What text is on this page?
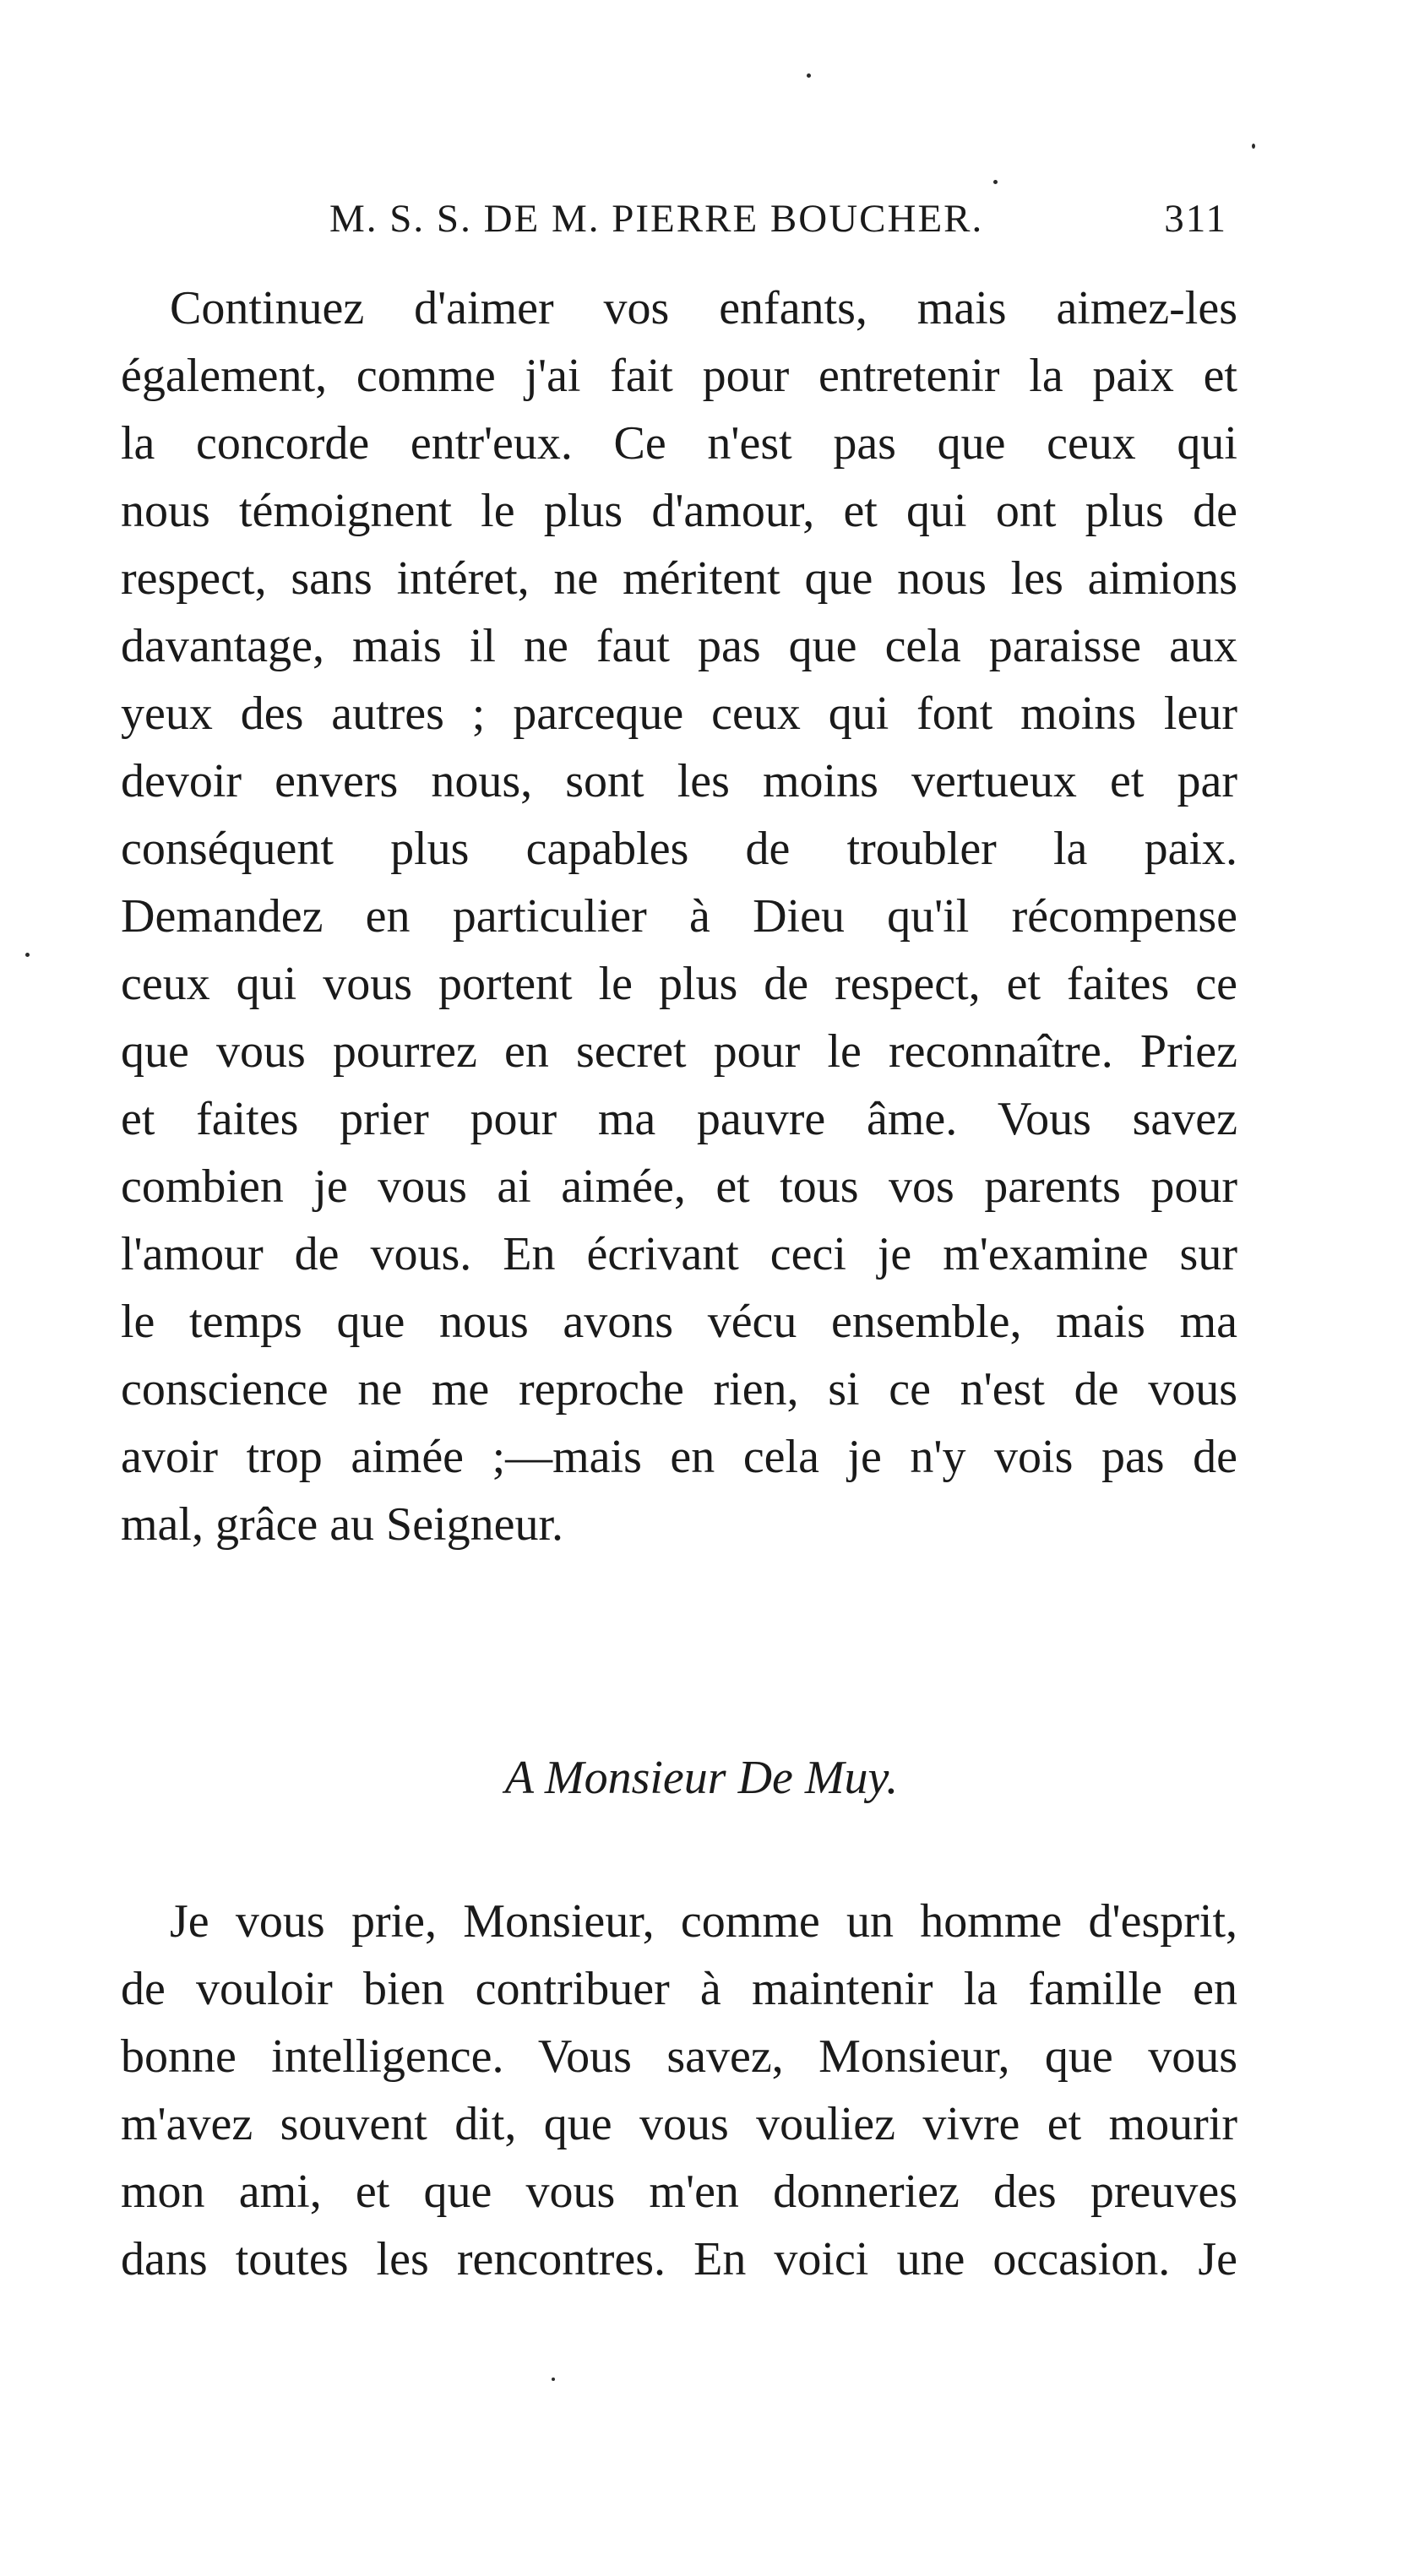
M. S. S. DE M. PIERRE BOUCHER.	311
Continuez d'aimer vos enfants, mais aimez-les
également, comme j'ai fait pour entretenir la paix et
la concorde entr'eux. Ce n'est pas que ceux qui
nous témoignent le plus d'amour, et qui ont plus de
respect, sans intéret, ne méritent que nous les aimions
davantage, mais il ne faut pas que cela paraisse aux
yeux des autres ; parceque ceux qui font moins leur
devoir envers nous, sont les moins vertueux et par
conséquent plus capables de troubler la paix.
Demandez en particulier à Dieu qu'il récompense
ceux qui vous portent le plus de respect, et faites ce
que vous pourrez en secret pour le reconnaître. Priez
et faites prier pour ma pauvre âme. Vous savez
combien je vous ai aimée, et tous vos parents pour
l'amour de vous. En écrivant ceci je m'examine sur
le temps que nous avons vécu ensemble, mais ma
conscience ne me reproche rien, si ce n'est de vous
avoir trop aimée ;—mais en cela je n'y vois pas de
mal, grâce au Seigneur.
A Monsieur De Muy.
Je vous prie, Monsieur, comme un homme d'esprit,
de vouloir bien contribuer à maintenir la famille en
bonne intelligence. Vous savez, Monsieur, que vous
m'avez souvent dit, que vous vouliez vivre et mourir
mon ami, et que vous m'en donneriez des preuves
dans toutes les rencontres. En voici une occasion. Je
